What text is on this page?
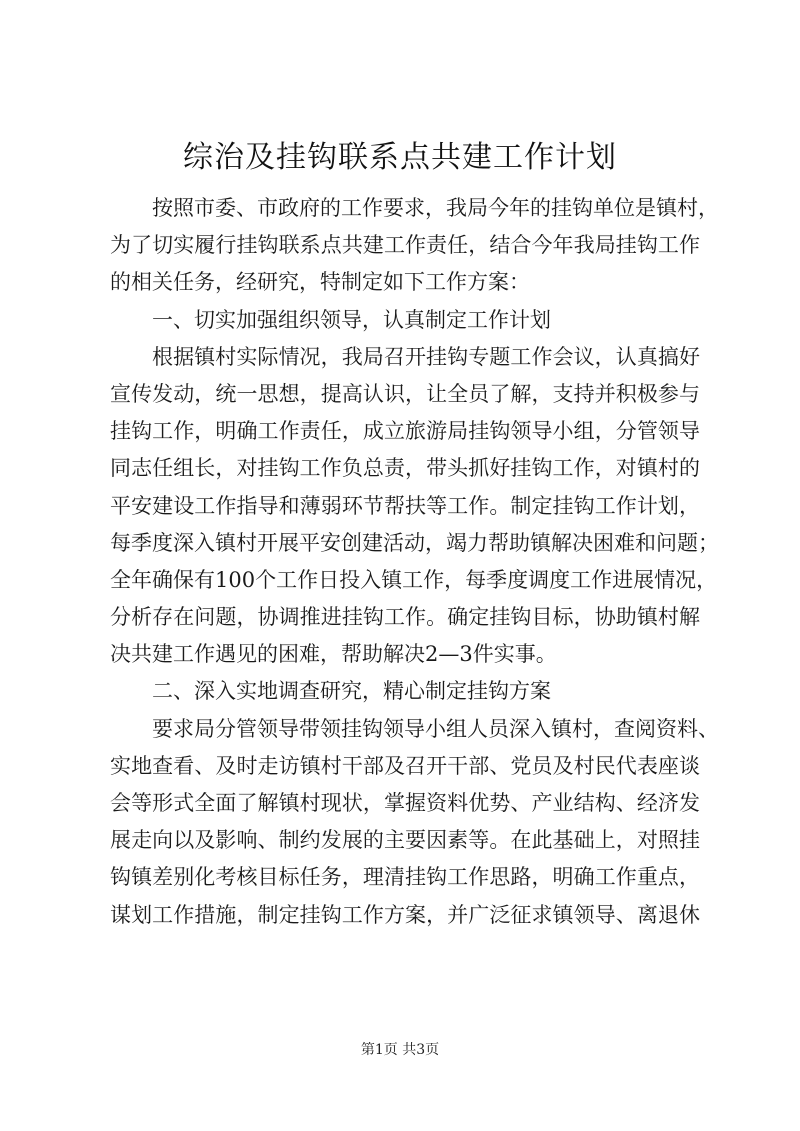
综治及挂钩联系点共建工作计划
按照市委、市政府的工作要求，我局今年的挂钩单位是镇村，
为了切实履行挂钩联系点共建工作责任，结合今年我局挂钩工作
的相关任务，经研究，特制定如下工作方案：
一、切实加强组织领导，认真制定工作计划
根据镇村实际情况，我局召开挂钩专题工作会议，认真搞好
宣传发动，统一思想，提高认识，让全员了解，支持并积极参与
挂钩工作，明确工作责任，成立旅游局挂钩领导小组，分管领导
同志任组长，对挂钩工作负总责，带头抓好挂钩工作，对镇村的
平安建设工作指导和薄弱环节帮扶等工作。制定挂钩工作计划，
每季度深入镇村开展平安创建活动，竭力帮助镇解决困难和问题；
全年确保有100个工作日投入镇工作，每季度调度工作进展情况，
分析存在问题，协调推进挂钩工作。确定挂钩目标，协助镇村解
决共建工作遇见的困难，帮助解决2—3件实事。
二、深入实地调查研究，精心制定挂钩方案
要求局分管领导带领挂钩领导小组人员深入镇村，查阅资料、
实地查看、及时走访镇村干部及召开干部、党员及村民代表座谈
会等形式全面了解镇村现状，掌握资料优势、产业结构、经济发
展走向以及影响、制约发展的主要因素等。在此基础上，对照挂
钩镇差别化考核目标任务，理清挂钩工作思路，明确工作重点，
谋划工作措施，制定挂钩工作方案，并广泛征求镇领导、离退休
第1页 共3页
